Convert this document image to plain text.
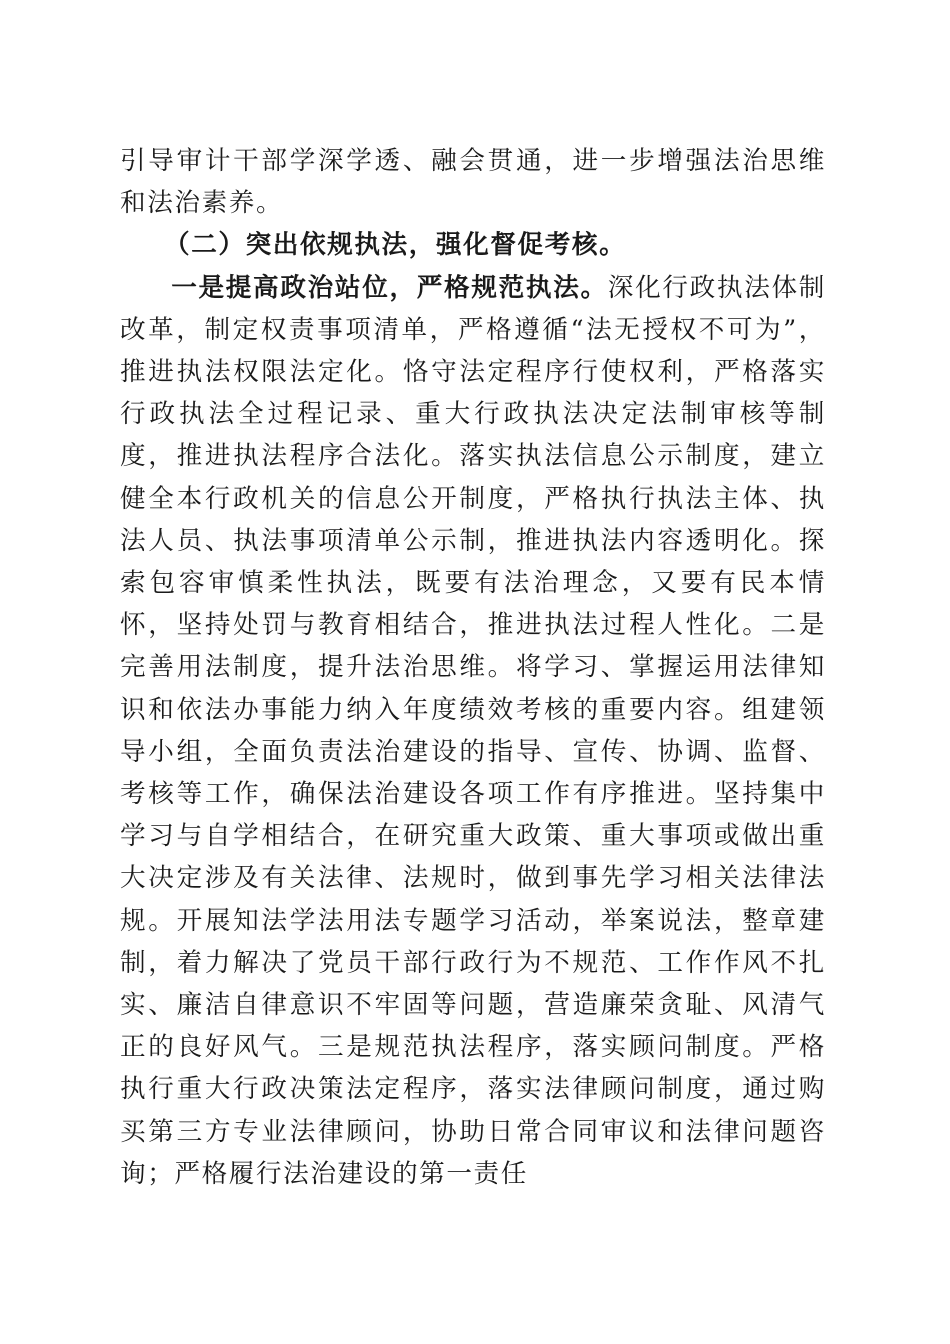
引导审计干部学深学透、融会贯通，进一步增强法治思维和法治素养。

（二）突出依规执法，强化督促考核。

一是提高政治站位，严格规范执法。深化行政执法体制改革，制定权责事项清单，严格遵循“法无授权不可为”，推进执法权限法定化。恪守法定程序行使权利，严格落实行政执法全过程记录、重大行政执法决定法制审核等制度，推进执法程序合法化。落实执法信息公示制度，建立健全本行政机关的信息公开制度，严格执行执法主体、执法人员、执法事项清单公示制，推进执法内容透明化。探索包容审慎柔性执法，既要有法治理念，又要有民本情怀，坚持处罚与教育相结合，推进执法过程人性化。二是完善用法制度，提升法治思维。将学习、掌握运用法律知识和依法办事能力纳入年度绩效考核的重要内容。组建领导小组，全面负责法治建设的指导、宣传、协调、监督、考核等工作，确保法治建设各项工作有序推进。坚持集中学习与自学相结合，在研究重大政策、重大事项或做出重大决定涉及有关法律、法规时，做到事先学习相关法律法规。开展知法学法用法专题学习活动，举案说法，整章建制，着力解决了党员干部行政行为不规范、工作作风不扎实、廉洁自律意识不牢固等问题，营造廉荣贪耻、风清气正的良好风气。三是规范执法程序，落实顾问制度。严格执行重大行政决策法定程序，落实法律顾问制度，通过购买第三方专业法律顾问，协助日常合同审议和法律问题咨询；严格履行法治建设的第一责任
